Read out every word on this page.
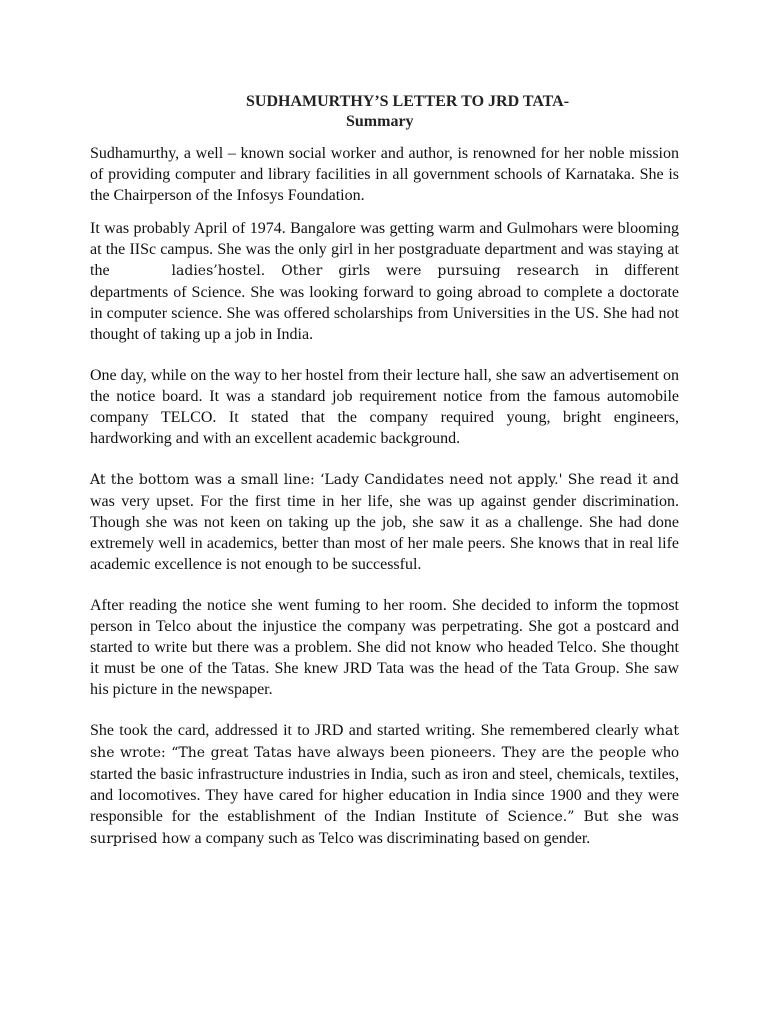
SUDHAMURTHY’S LETTER TO JRD TATA-
Summary

Sudhamurthy, a well – known social worker and author, is renowned for her noble mission of providing computer and library facilities in all government schools of Karnataka. She is the Chairperson of the Infosys Foundation.

It was probably April of 1974. Bangalore was getting warm and Gulmohars were blooming at the IISc campus. She was the only girl in her postgraduate department and was staying at the	ladies’hostel. Other girls were pursuing research in different departments of Science. She was looking forward to going abroad to complete a doctorate in computer science. She was offered scholarships from Universities in the US. She had not thought of taking up a job in India.

One day, while on the way to her hostel from their lecture hall, she saw an advertisement on the notice board. It was a standard job requirement notice from the famous automobile company TELCO. It stated that the company required young, bright engineers, hardworking and with an excellent academic background.

At the bottom was a small line: ‘Lady Candidates need not apply.' She read it and was very upset. For the first time in her life, she was up against gender discrimination. Though she was not keen on taking up the job, she saw it as a challenge. She had done extremely well in academics, better than most of her male peers. She knows that in real life academic excellence is not enough to be successful.

After reading the notice she went fuming to her room. She decided to inform the topmost person in Telco about the injustice the company was perpetrating. She got a postcard and started to write but there was a problem. She did not know who headed Telco. She thought it must be one of the Tatas. She knew JRD Tata was the head of the Tata Group. She saw his picture in the newspaper.

She took the card, addressed it to JRD and started writing. She remembered clearly what she wrote: “The great Tatas have always been pioneers. They are the people who started the basic infrastructure industries in India, such as iron and steel, chemicals, textiles, and locomotives. They have cared for higher education in India since 1900 and they were responsible for the establishment of the Indian Institute of Science.” But she was surprised how a company such as Telco was discriminating based on gender.
